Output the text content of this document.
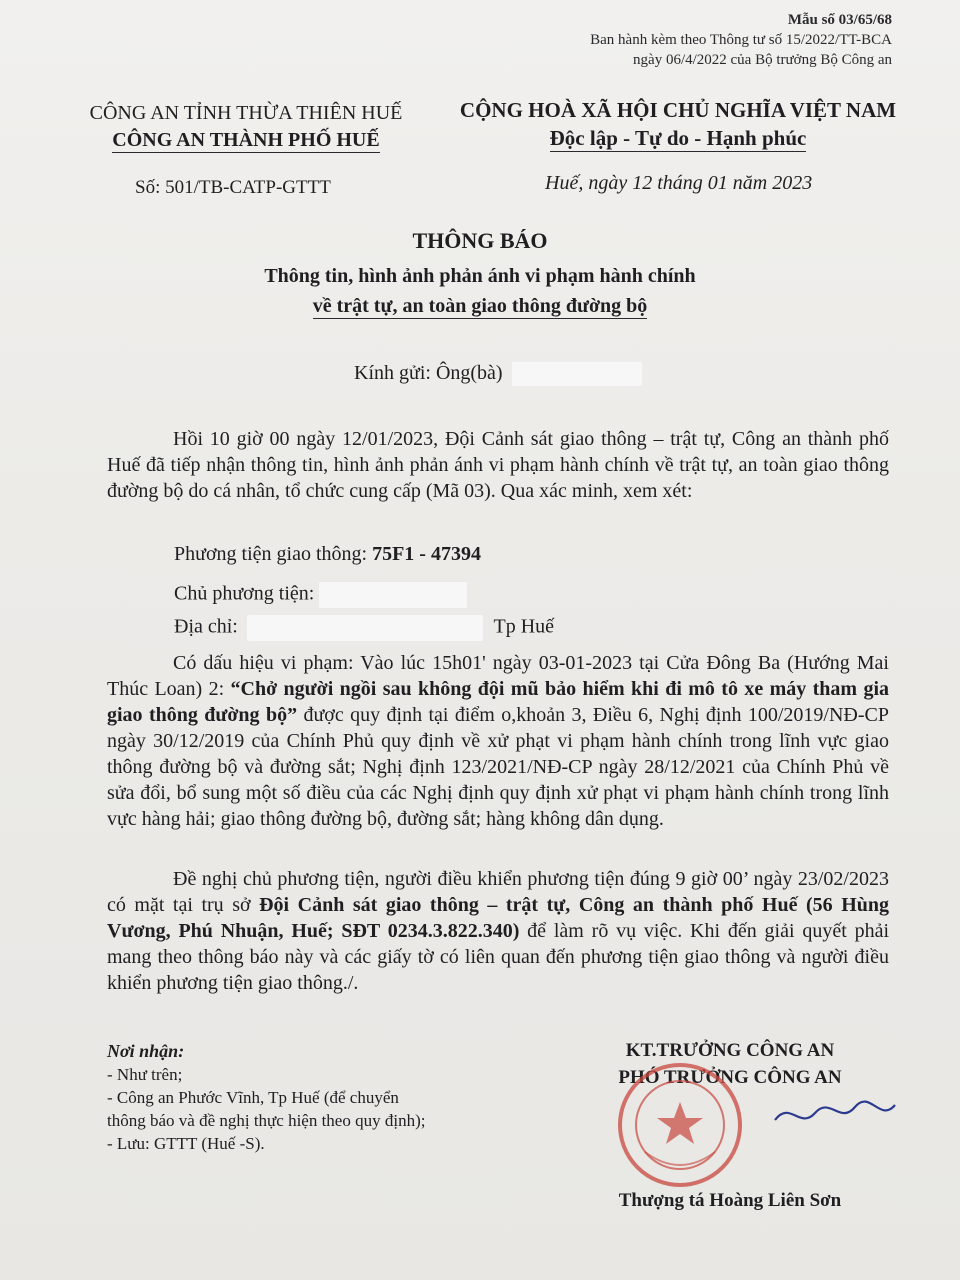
Mẫu số 03/65/68
Ban hành kèm theo Thông tư số 15/2022/TT-BCA
ngày 06/4/2022 của Bộ trưởng Bộ Công an
CÔNG AN TỈNH THỪA THIÊN HUẾ
CÔNG AN THÀNH PHỐ HUẾ
CỘNG HOÀ XÃ HỘI CHỦ NGHĨA VIỆT NAM
Độc lập - Tự do - Hạnh phúc
Số: 501/TB-CATP-GTTT	Huế, ngày 12 tháng 01 năm 2023
THÔNG BÁO
Thông tin, hình ảnh phản ánh vi phạm hành chính
về trật tự, an toàn giao thông đường bộ
Kính gửi: Ông(bà)
Hồi 10 giờ 00 ngày 12/01/2023, Đội Cảnh sát giao thông – trật tự, Công an thành phố Huế đã tiếp nhận thông tin, hình ảnh phản ánh vi phạm hành chính về trật tự, an toàn giao thông đường bộ do cá nhân, tổ chức cung cấp (Mã 03). Qua xác minh, xem xét:
Phương tiện giao thông: 75F1 - 47394
Chủ phương tiện:
Địa chỉ:	Tp Huế
Có dấu hiệu vi phạm: Vào lúc 15h01' ngày 03-01-2023 tại Cửa Đông Ba (Hướng Mai Thúc Loan) 2: “Chở người ngồi sau không đội mũ bảo hiểm khi đi mô tô xe máy tham gia giao thông đường bộ” được quy định tại điểm o,khoản 3, Điều 6, Nghị định 100/2019/NĐ-CP ngày 30/12/2019 của Chính Phủ quy định về xử phạt vi phạm hành chính trong lĩnh vực giao thông đường bộ và đường sắt; Nghị định 123/2021/NĐ-CP ngày 28/12/2021 của Chính Phủ về sửa đổi, bổ sung một số điều của các Nghị định quy định xử phạt vi phạm hành chính trong lĩnh vực hàng hải; giao thông đường bộ, đường sắt; hàng không dân dụng.
Đề nghị chủ phương tiện, người điều khiển phương tiện đúng 9 giờ 00’ ngày 23/02/2023 có mặt tại trụ sở Đội Cảnh sát giao thông – trật tự, Công an thành phố Huế (56 Hùng Vương, Phú Nhuận, Huế; SĐT 0234.3.822.340) để làm rõ vụ việc. Khi đến giải quyết phải mang theo thông báo này và các giấy tờ có liên quan đến phương tiện giao thông và người điều khiển phương tiện giao thông./.
Nơi nhận:
- Như trên;
- Công an Phước Vĩnh, Tp Huế (để chuyển thông báo và đề nghị thực hiện theo quy định);
- Lưu: GTTT (Huế -S).
KT.TRƯỞNG CÔNG AN
PHÓ TRƯỞNG CÔNG AN
Thượng tá Hoàng Liên Sơn
